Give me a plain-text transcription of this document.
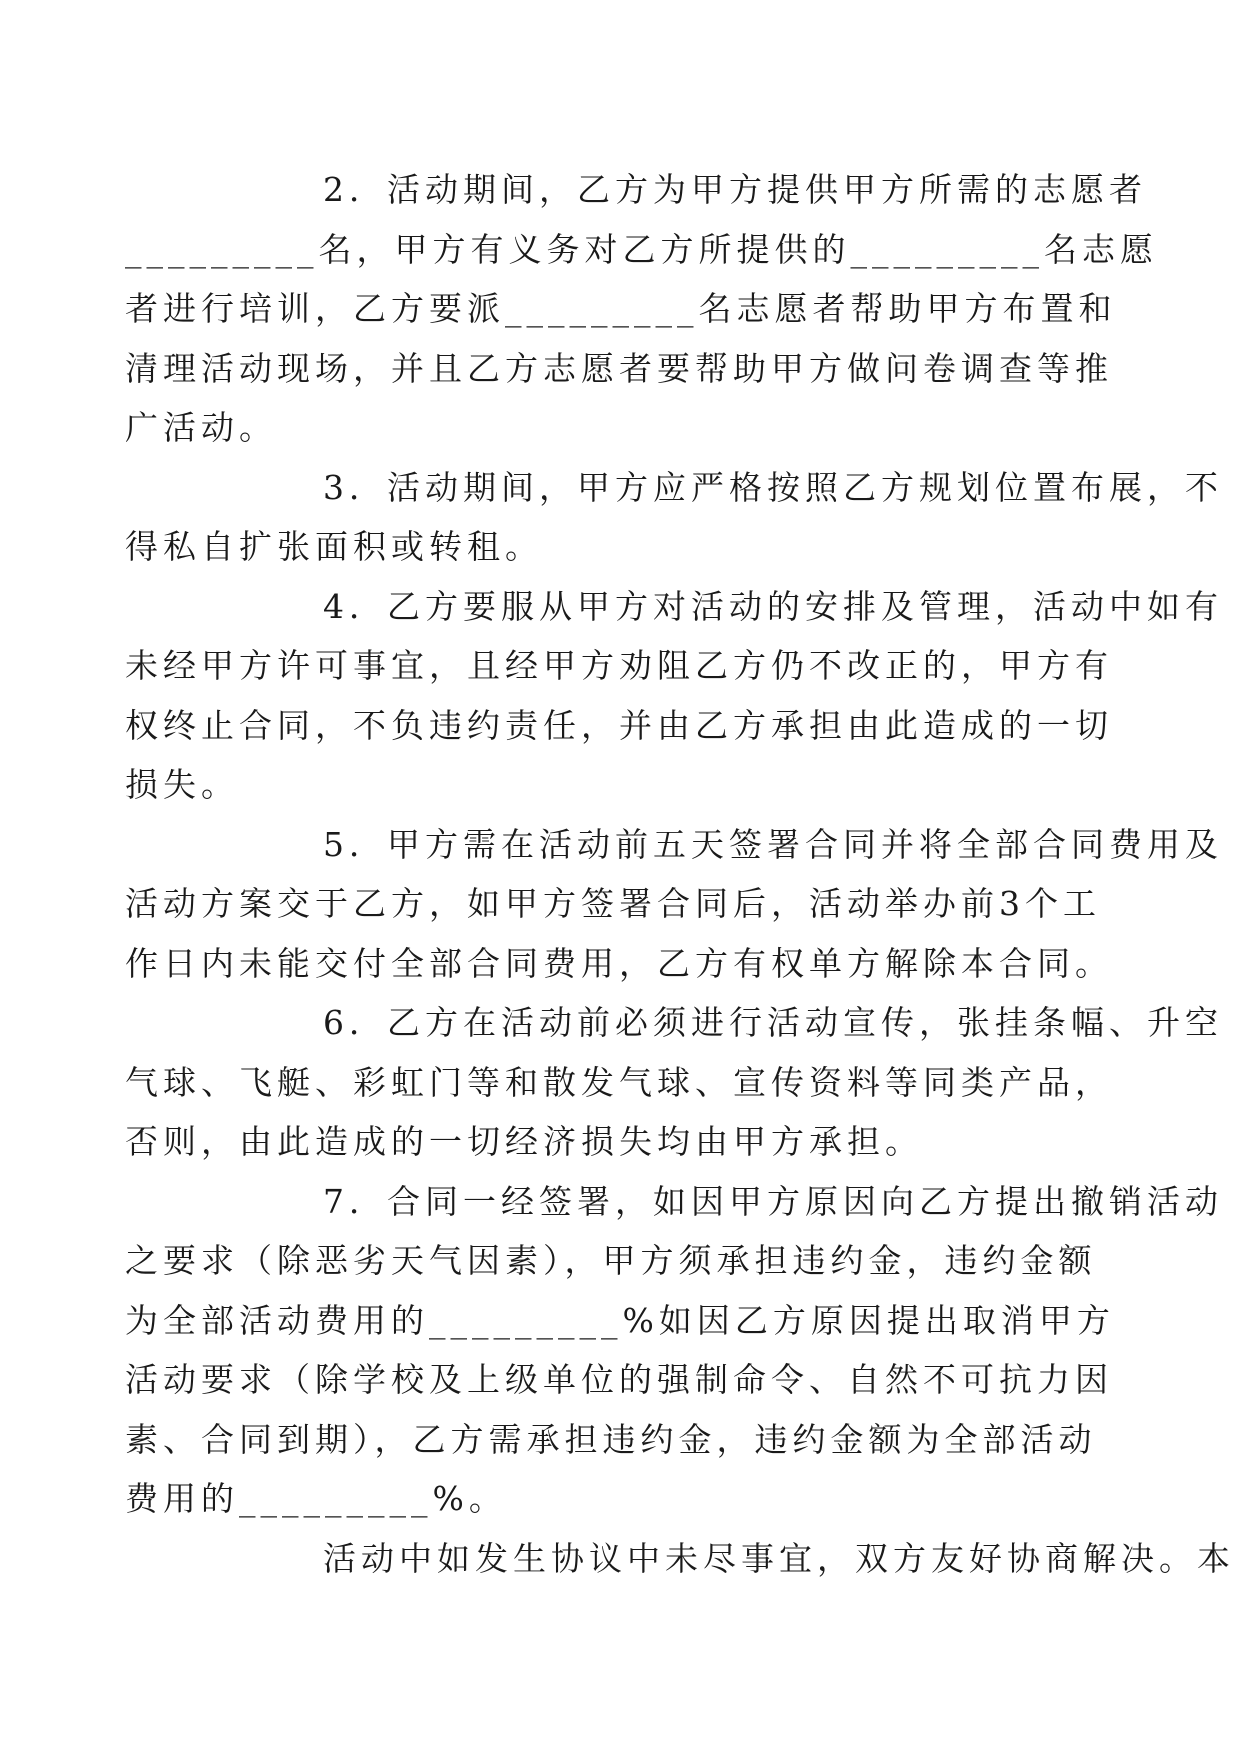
2．活动期间，乙方为甲方提供甲方所需的志愿者
_________名，甲方有义务对乙方所提供的_________名志愿
者进行培训，乙方要派_________名志愿者帮助甲方布置和
清理活动现场，并且乙方志愿者要帮助甲方做问卷调查等推
广活动。

3．活动期间，甲方应严格按照乙方规划位置布展，不
得私自扩张面积或转租。

4．乙方要服从甲方对活动的安排及管理，活动中如有
未经甲方许可事宜，且经甲方劝阻乙方仍不改正的，甲方有
权终止合同，不负违约责任，并由乙方承担由此造成的一切
损失。

5．甲方需在活动前五天签署合同并将全部合同费用及
活动方案交于乙方，如甲方签署合同后，活动举办前3个工
作日内未能交付全部合同费用，乙方有权单方解除本合同。

6．乙方在活动前必须进行活动宣传，张挂条幅、升空
气球、飞艇、彩虹门等和散发气球、宣传资料等同类产品，
否则，由此造成的一切经济损失均由甲方承担。

7．合同一经签署，如因甲方原因向乙方提出撤销活动
之要求（除恶劣天气因素），甲方须承担违约金，违约金额
为全部活动费用的_________%如因乙方原因提出取消甲方
活动要求（除学校及上级单位的强制命令、自然不可抗力因
素、合同到期），乙方需承担违约金，违约金额为全部活动
费用的_________%。

活动中如发生协议中未尽事宜，双方友好协商解决。本
